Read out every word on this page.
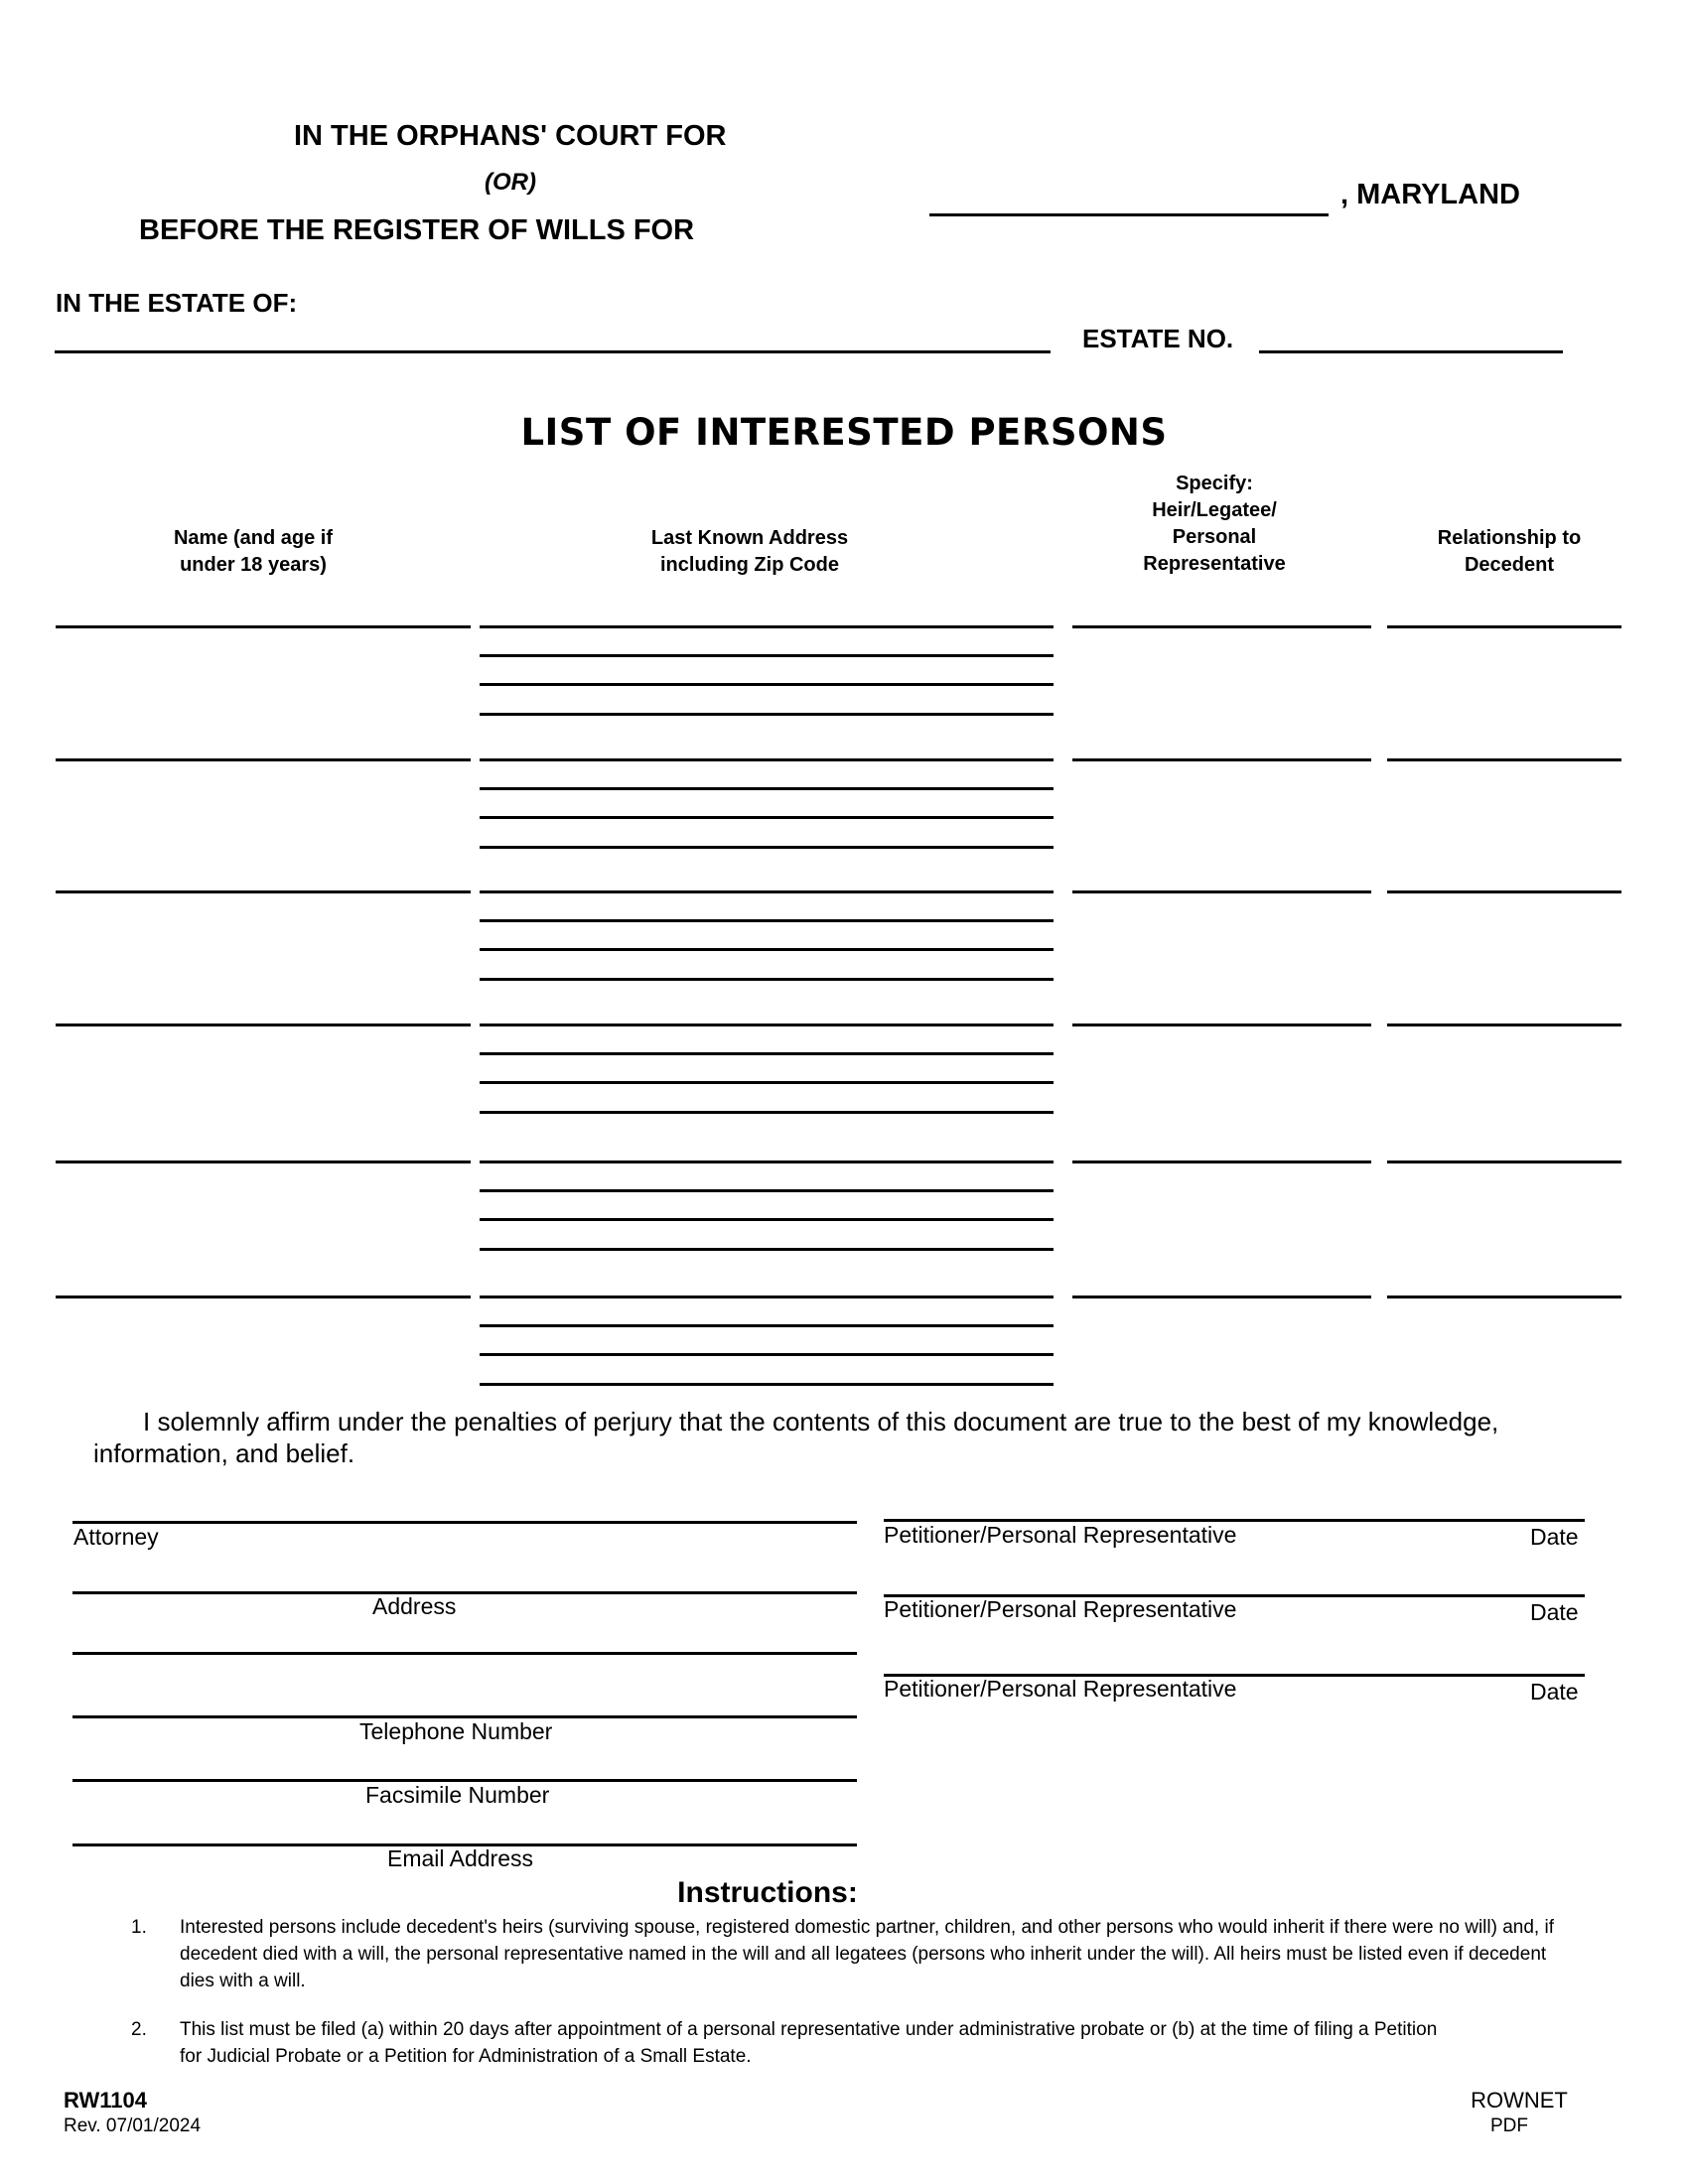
IN THE ORPHANS' COURT FOR
(OR)
BEFORE THE REGISTER OF WILLS FOR
, MARYLAND
IN THE ESTATE OF:
ESTATE NO.
LIST OF INTERESTED PERSONS
Name (and age if under 18 years)
Last Known Address including Zip Code
Specify: Heir/Legatee/ Personal Representative
Relationship to Decedent
I solemnly affirm under the penalties of perjury that the contents of this document are true to the best of my knowledge, information, and belief.
Attorney
Address
Telephone Number
Facsimile Number
Email Address
Petitioner/Personal Representative	Date
Petitioner/Personal Representative	Date
Petitioner/Personal Representative	Date
Instructions:
1. Interested persons include decedent's heirs (surviving spouse, registered domestic partner, children, and other persons who would inherit if there were no will) and, if decedent died with a will, the personal representative named in the will and all legatees (persons who inherit under the will). All heirs must be listed even if decedent dies with a will.
2. This list must be filed (a) within 20 days after appointment of a personal representative under administrative probate or (b) at the time of filing a Petition for Judicial Probate or a Petition for Administration of a Small Estate.
RW1104
Rev. 07/01/2024
ROWNET
PDF
